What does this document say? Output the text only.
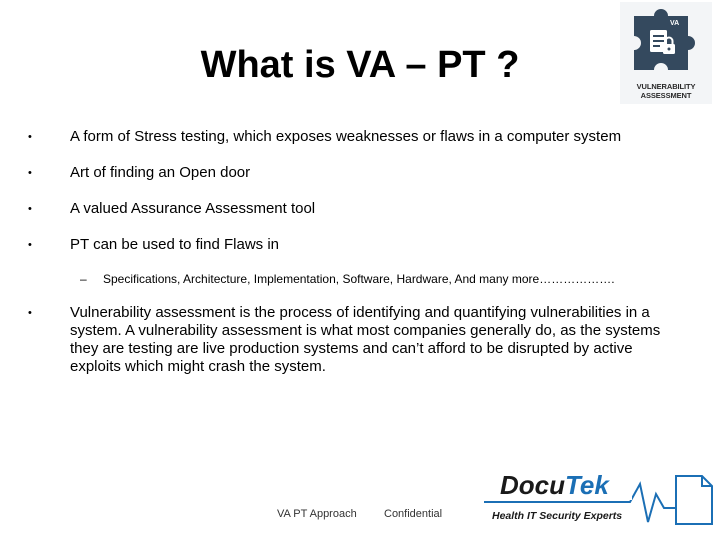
What is VA – PT ?
VA
VULNERABILITY
ASSESSMENT
•	A form of Stress testing, which exposes weaknesses or flaws in a computer system
•	Art of finding an Open door
•	A valued Assurance Assessment tool
•	PT can be used to find Flaws in
– Specifications, Architecture, Implementation, Software, Hardware, And many more……………….
•	Vulnerability assessment is the process of identifying and quantifying vulnerabilities in a system. A vulnerability assessment is what most companies generally do, as the systems they are testing are live production systems and can’t afford to be disrupted by active exploits which might crash the system.
VA PT Approach Confidential
DocuTek
Health IT Security Experts
